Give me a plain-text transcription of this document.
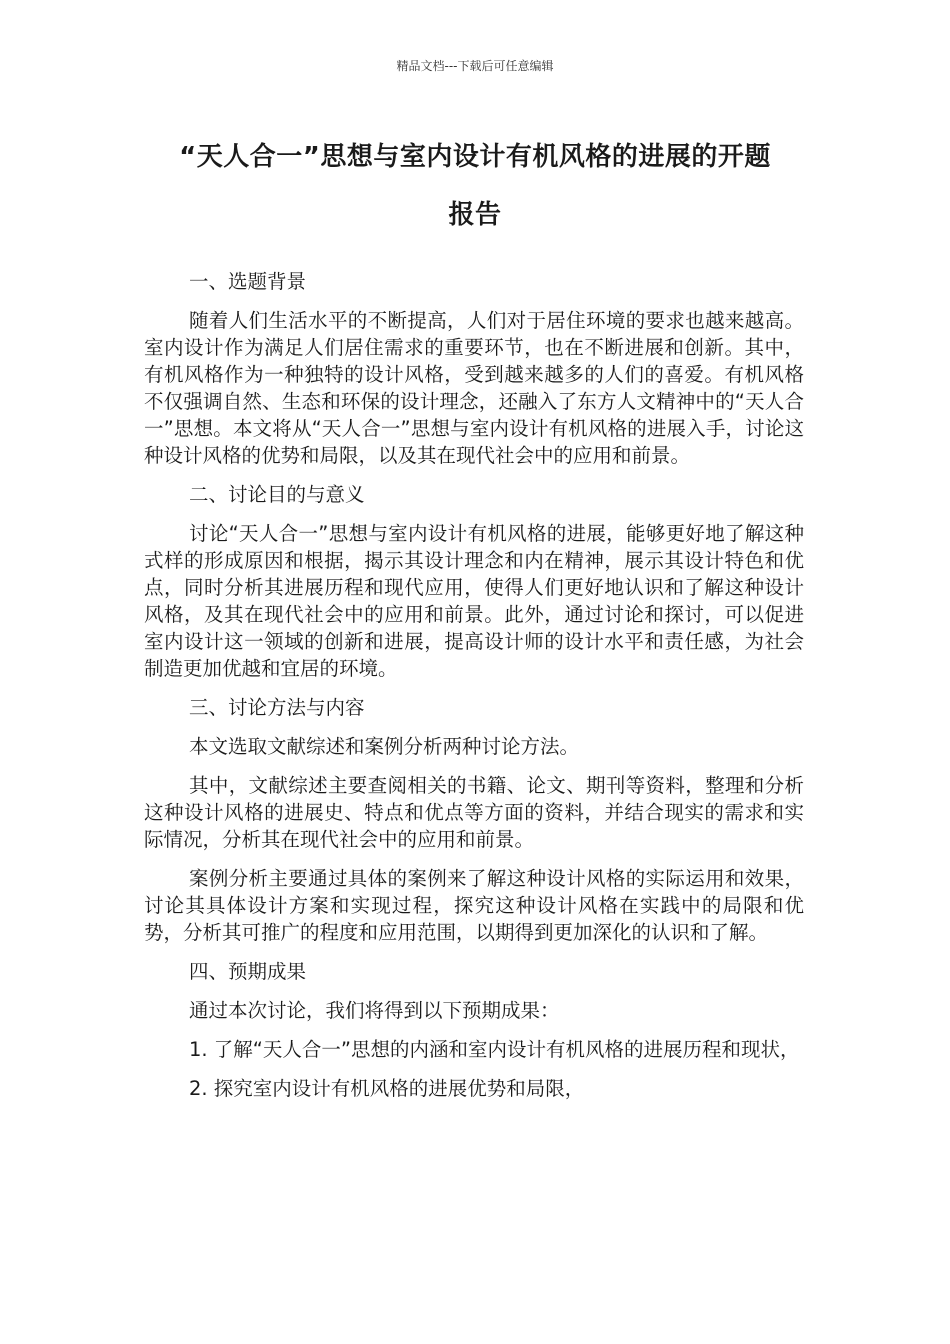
精品文档---下载后可任意编辑
“天人合一”思想与室内设计有机风格的进展的开题
报告

一、选题背景

随着人们生活水平的不断提高，人们对于居住环境的要求也越来越高。室内设计作为满足人们居住需求的重要环节，也在不断进展和创新。其中，有机风格作为一种独特的设计风格，受到越来越多的人们的喜爱。有机风格不仅强调自然、生态和环保的设计理念，还融入了东方人文精神中的“天人合一”思想。本文将从“天人合一”思想与室内设计有机风格的进展入手，讨论这种设计风格的优势和局限，以及其在现代社会中的应用和前景。

二、讨论目的与意义

讨论“天人合一”思想与室内设计有机风格的进展，能够更好地了解这种式样的形成原因和根据，揭示其设计理念和内在精神，展示其设计特色和优点，同时分析其进展历程和现代应用，使得人们更好地认识和了解这种设计风格，及其在现代社会中的应用和前景。此外，通过讨论和探讨，可以促进室内设计这一领域的创新和进展，提高设计师的设计水平和责任感，为社会制造更加优越和宜居的环境。

三、讨论方法与内容

本文选取文献综述和案例分析两种讨论方法。

其中，文献综述主要查阅相关的书籍、论文、期刊等资料，整理和分析这种设计风格的进展史、特点和优点等方面的资料，并结合现实的需求和实际情况，分析其在现代社会中的应用和前景。

案例分析主要通过具体的案例来了解这种设计风格的实际运用和效果，讨论其具体设计方案和实现过程，探究这种设计风格在实践中的局限和优势，分析其可推广的程度和应用范围，以期得到更加深化的认识和了解。

四、预期成果

通过本次讨论，我们将得到以下预期成果：

1. 了解“天人合一”思想的内涵和室内设计有机风格的进展历程和现状，

2. 探究室内设计有机风格的进展优势和局限，
